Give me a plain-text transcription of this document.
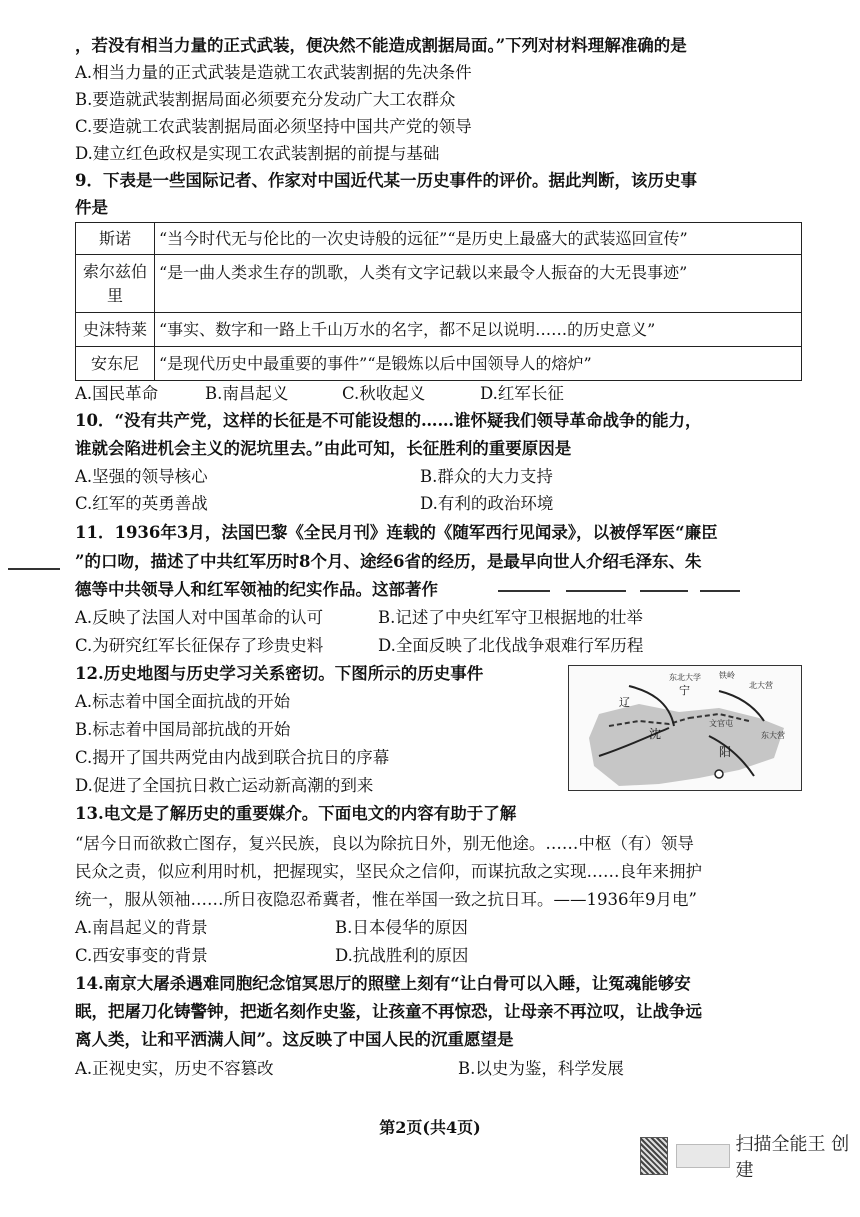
，若没有相当力量的正式武装，便决然不能造成割据局面。”下列对材料理解准确的是
A.相当力量的正式武装是造就工农武装割据的先决条件
B.要造就武装割据局面必须要充分发动广大工农群众
C.要造就工农武装割据局面必须坚持中国共产党的领导
D.建立红色政权是实现工农武装割据的前提与基础
9．下表是一些国际记者、作家对中国近代某一历史事件的评价。据此判断，该历史事
件是
斯诺	“当今时代无与伦比的一次史诗般的远征”“是历史上最盛大的武装巡回宣传”
索尔兹伯里	“是一曲人类求生存的凯歌，人类有文字记载以来最令人振奋的大无畏事迹”
史沫特莱	“事实、数字和一路上千山万水的名字，都不足以说明……的历史意义”
安东尼	“是现代历史中最重要的事件”“是锻炼以后中国领导人的熔炉”
A.国民革命	B.南昌起义	C.秋收起义	D.红军长征
10．“没有共产党，这样的长征是不可能设想的……谁怀疑我们领导革命战争的能力，
谁就会陷进机会主义的泥坑里去。”由此可知，长征胜利的重要原因是
A.坚强的领导核心	B.群众的大力支持
C.红军的英勇善战	D.有利的政治环境
11．1936年3月，法国巴黎《全民月刊》连载的《随军西行见闻录》，以被俘军医“廉臣
”的口吻，描述了中共红军历时8个月、途经6省的经历，是最早向世人介绍毛泽东、朱
德等中共领导人和红军领袖的纪实作品。这部著作
A.反映了法国人对中国革命的认可	B.记述了中央红军守卫根据地的壮举
C.为研究红军长征保存了珍贵史料	D.全面反映了北伐战争艰难行军历程
12.历史地图与历史学习关系密切。下图所示的历史事件
A.标志着中国全面抗战的开始
B.标志着中国局部抗战的开始
C.揭开了国共两党由内战到联合抗日的序幕
D.促进了全国抗日救亡运动新高潮的到来
东北大学 铁岭
北大营
沈
阳
辽
宁
东大营
文官屯
13.电文是了解历史的重要媒介。下面电文的内容有助于了解
“居今日而欲救亡图存，复兴民族，良以为除抗日外，别无他途。……中枢（有）领导
民众之责，似应利用时机，把握现实，坚民众之信仰，而谋抗敌之实现……良年来拥护
统一，服从领袖……所日夜隐忍希冀者，惟在举国一致之抗日耳。——1936年9月电”
A.南昌起义的背景	B.日本侵华的原因
C.西安事变的背景	D.抗战胜利的原因
14.南京大屠杀遇难同胞纪念馆冥思厅的照壁上刻有“让白骨可以入睡，让冤魂能够安
眠，把屠刀化铸警钟，把逝名刻作史鉴，让孩童不再惊恐，让母亲不再泣叹，让战争远
离人类，让和平洒满人间”。这反映了中国人民的沉重愿望是
A.正视史实，历史不容篡改	B.以史为鉴，科学发展
第2页(共4页)
扫描全能王 创建
